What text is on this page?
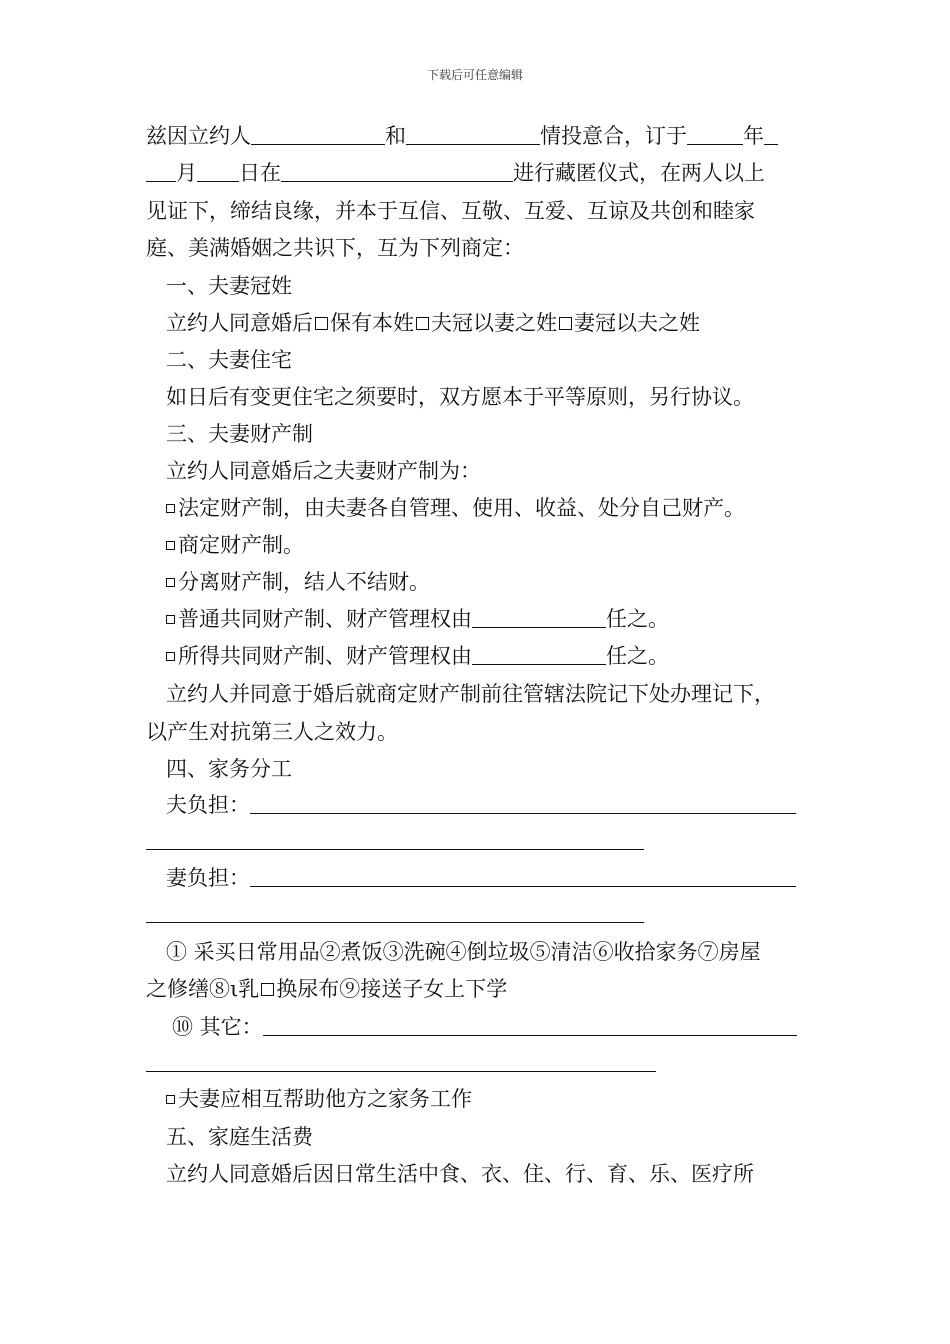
下载后可任意编辑
兹因立约人	和	情投意合，订于	年
月 日在	进行藏匿仪式，在两人以上
见证下，缔结良缘，并本于互信、互敬、互爱、互谅及共创和睦家
庭、美满婚姻之共识下，互为下列商定：
一、夫妻冠姓
立约人同意婚后 保有本姓 夫冠以妻之姓 妻冠以夫之姓
二、夫妻住宅
如日后有变更住宅之须要时，双方愿本于平等原则，另行协议。
三、夫妻财产制
立约人同意婚后之夫妻财产制为：
法定财产制，由夫妻各自管理、使用、收益、处分自己财产。
商定财产制。
分离财产制，结人不结财。
普通共同财产制、财产管理权由	任之。
所得共同财产制、财产管理权由	任之。
立约人并同意于婚后就商定财产制前往管辖法院记下处办理记下，
以产生对抗第三人之效力。
四、家务分工
夫负担：
妻负担：
① 采买日常用品②煮饭③洗碗④倒垃圾⑤清洁⑥收拾家务⑦房屋
之修缮⑧ι乳 换尿布⑨接送子女上下学
⑩ 其它：
夫妻应相互帮助他方之家务工作
五、家庭生活费
立约人同意婚后因日常生活中食、衣、住、行、育、乐、医疗所
